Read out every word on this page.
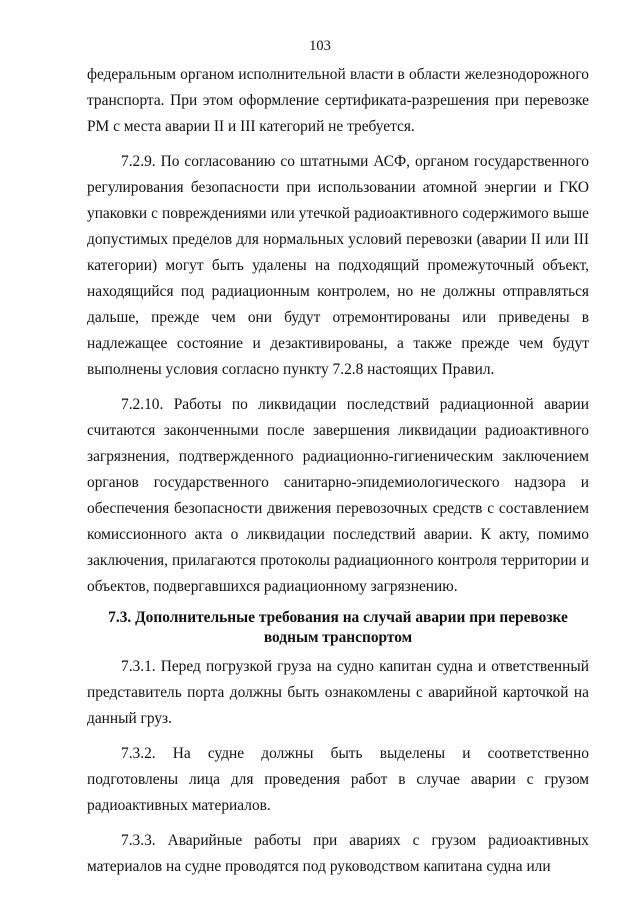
103

федеральным органом исполнительной власти в области железнодорожного транспорта. При этом оформление сертификата-разрешения при перевозке РМ с места аварии II и III категорий не требуется.

7.2.9. По согласованию со штатными АСФ, органом государственного регулирования безопасности при использовании атомной энергии и ГКО упаковки с повреждениями или утечкой радиоактивного содержимого выше допустимых пределов для нормальных условий перевозки (аварии II или III категории) могут быть удалены на подходящий промежуточный объект, находящийся под радиационным контролем, но не должны отправляться дальше, прежде чем они будут отремонтированы или приведены в надлежащее состояние и дезактивированы, а также прежде чем будут выполнены условия согласно пункту 7.2.8 настоящих Правил.

7.2.10. Работы по ликвидации последствий радиационной аварии считаются законченными после завершения ликвидации радиоактивного загрязнения, подтвержденного радиационно-гигиеническим заключением органов государственного санитарно-эпидемиологического надзора и обеспечения безопасности движения перевозочных средств с составлением комиссионного акта о ликвидации последствий аварии. К акту, помимо заключения, прилагаются протоколы радиационного контроля территории и объектов, подвергавшихся радиационному загрязнению.

7.3. Дополнительные требования на случай аварии при перевозке
водным транспортом

7.3.1. Перед погрузкой груза на судно капитан судна и ответственный представитель порта должны быть ознакомлены с аварийной карточкой на данный груз.

7.3.2. На судне должны быть выделены и соответственно подготовлены лица для проведения работ в случае аварии с грузом радиоактивных материалов.

7.3.3. Аварийные работы при авариях с грузом радиоактивных материалов на судне проводятся под руководством капитана судна или
